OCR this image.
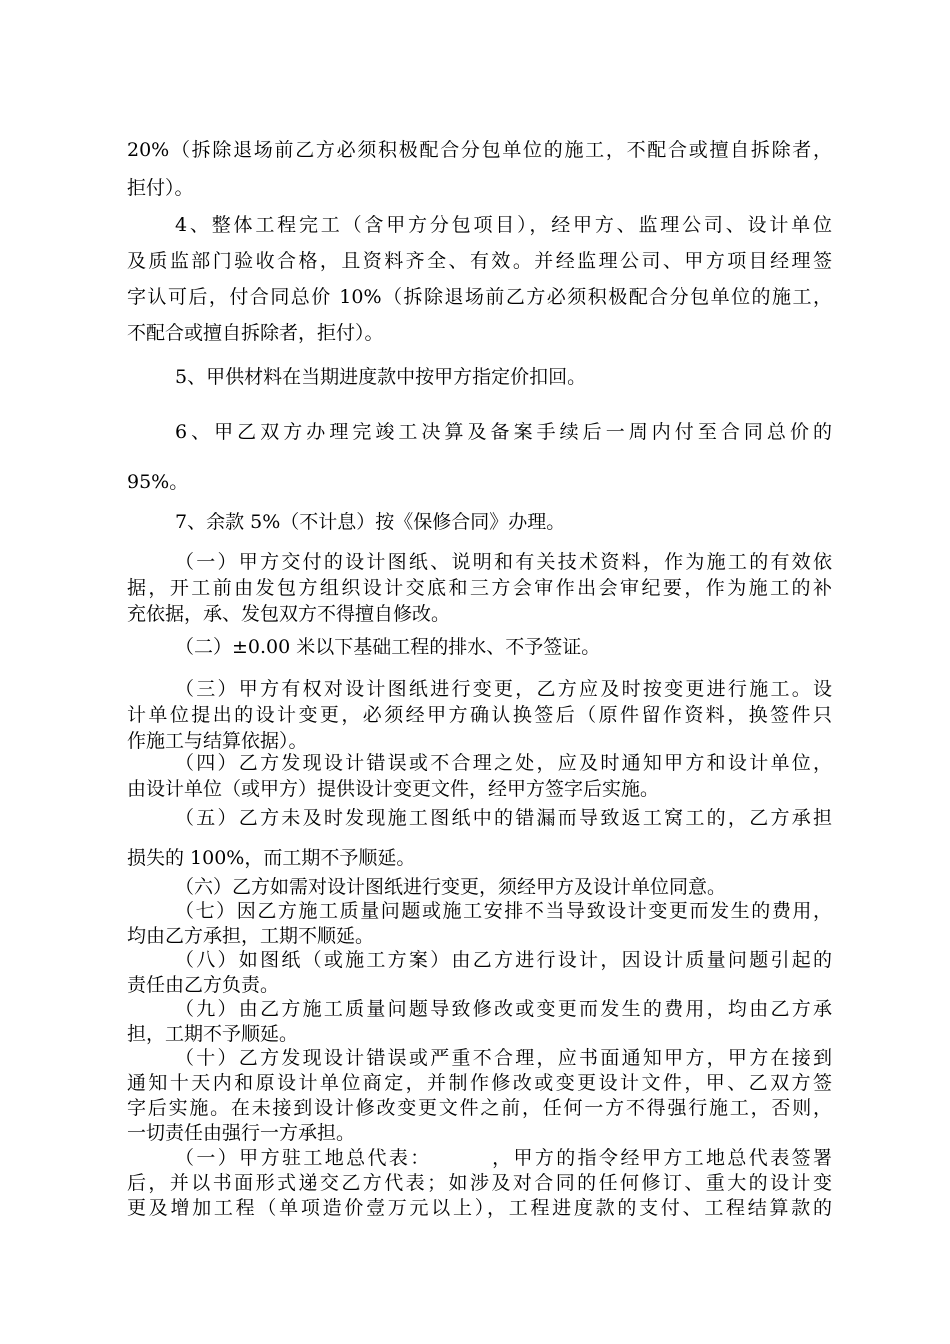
20%（拆除退场前乙方必须积极配合分包单位的施工，不配合或擅自拆除者，
拒付）。
4、整体工程完工（含甲方分包项目），经甲方、监理公司、设计单位
及质监部门验收合格，且资料齐全、有效。并经监理公司、甲方项目经理签
字认可后，付合同总价 10%（拆除退场前乙方必须积极配合分包单位的施工，
不配合或擅自拆除者，拒付）。
5、甲供材料在当期进度款中按甲方指定价扣回。
6、甲乙双方办理完竣工决算及备案手续后一周内付至合同总价的
95%。
7、余款 5%（不计息）按《保修合同》办理。
（一）甲方交付的设计图纸、说明和有关技术资料，作为施工的有效依
据，开工前由发包方组织设计交底和三方会审作出会审纪要，作为施工的补
充依据，承、发包双方不得擅自修改。
（二）±0.00 米以下基础工程的排水、不予签证。
（三）甲方有权对设计图纸进行变更，乙方应及时按变更进行施工。设
计单位提出的设计变更，必须经甲方确认换签后（原件留作资料，换签件只
作施工与结算依据）。
（四）乙方发现设计错误或不合理之处，应及时通知甲方和设计单位，
由设计单位（或甲方）提供设计变更文件，经甲方签字后实施。
（五）乙方未及时发现施工图纸中的错漏而导致返工窝工的，乙方承担
损失的 100%，而工期不予顺延。
（六）乙方如需对设计图纸进行变更，须经甲方及设计单位同意。
（七）因乙方施工质量问题或施工安排不当导致设计变更而发生的费用，
均由乙方承担，工期不顺延。
（八）如图纸（或施工方案）由乙方进行设计，因设计质量问题引起的
责任由乙方负责。
（九）由乙方施工质量问题导致修改或变更而发生的费用，均由乙方承
担，工期不予顺延。
（十）乙方发现设计错误或严重不合理，应书面通知甲方，甲方在接到
通知十天内和原设计单位商定，并制作修改或变更设计文件，甲、乙双方签
字后实施。在未接到设计修改变更文件之前，任何一方不得强行施工，否则，
一切责任由强行一方承担。
（一）甲方驻工地总代表：	，甲方的指令经甲方工地总代表签署
后，并以书面形式递交乙方代表；如涉及对合同的任何修订、重大的设计变
更及增加工程（单项造价壹万元以上），工程进度款的支付、工程结算款的
